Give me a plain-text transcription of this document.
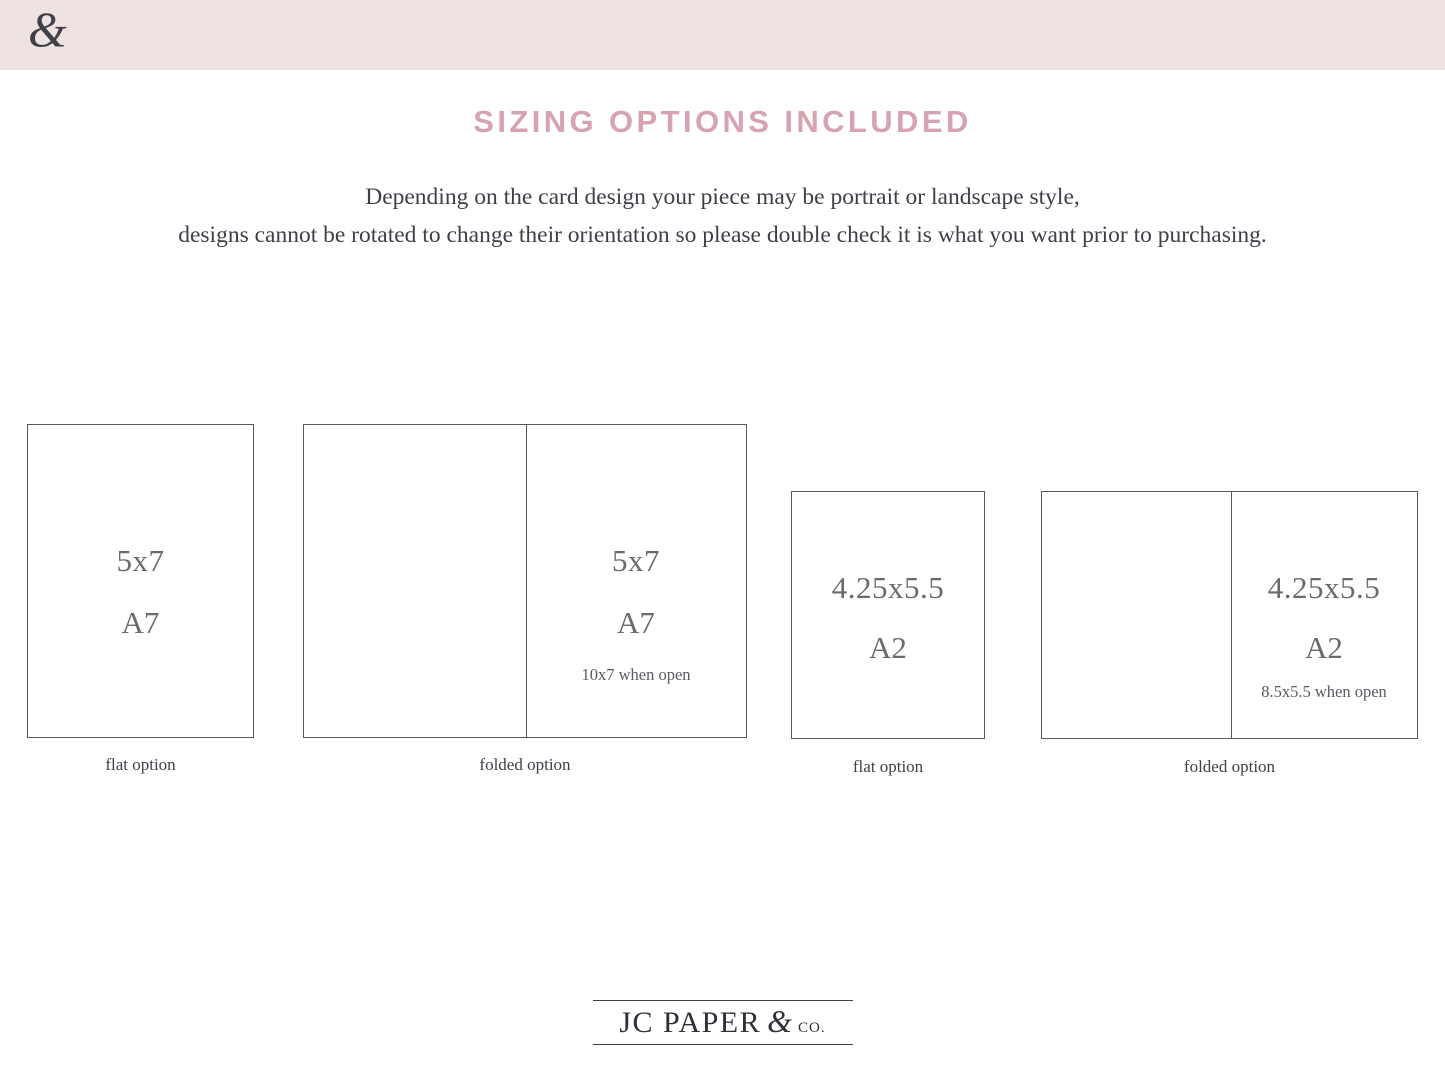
&
SIZING OPTIONS INCLUDED
Depending on the card design your piece may be portrait or landscape style,
designs cannot be rotated to change their orientation so please double check it is what you want prior to purchasing.
5x7
A7
flat option
5x7
A7
10x7 when open
folded option
4.25x5.5
A2
flat option
4.25x5.5
A2
8.5x5.5 when open
folded option
JC PAPER & CO.
